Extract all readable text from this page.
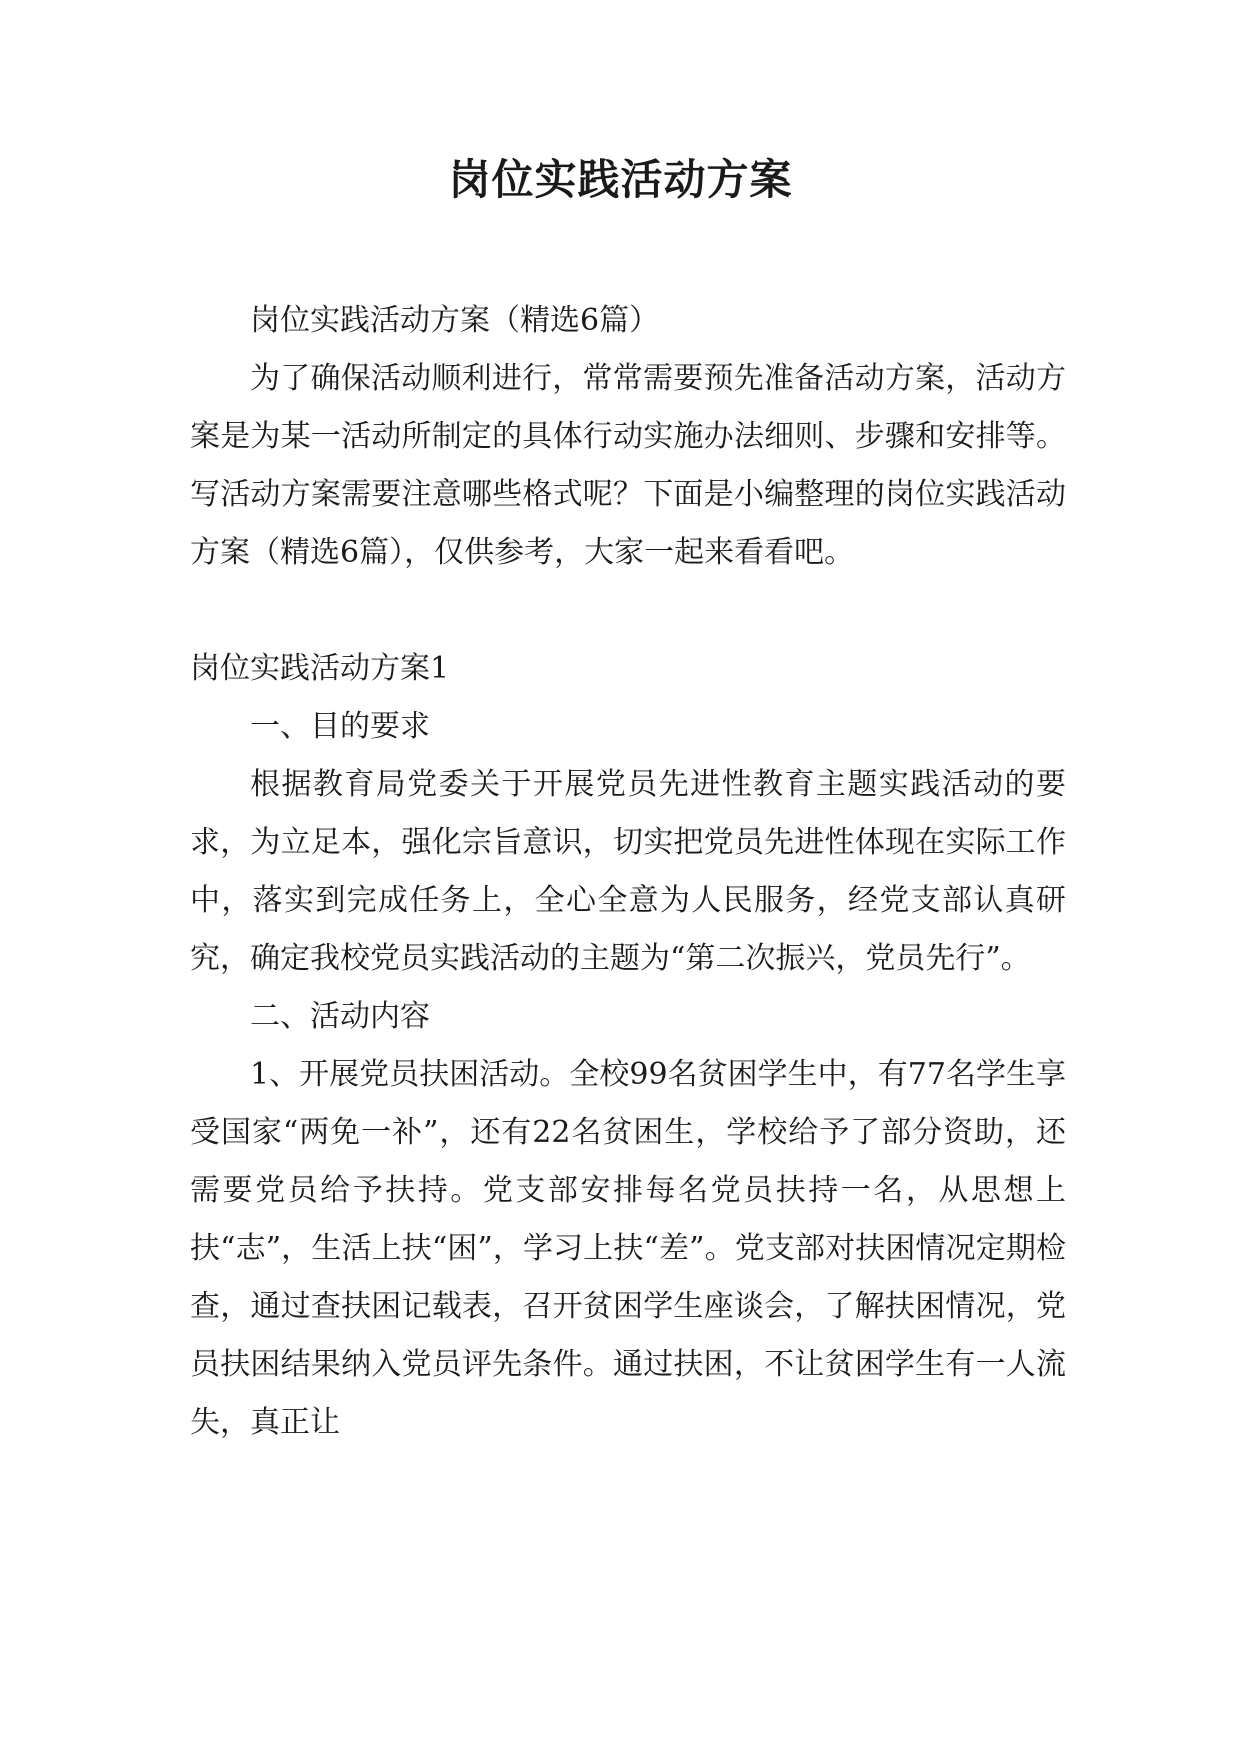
岗位实践活动方案

岗位实践活动方案（精选6篇）

为了确保活动顺利进行，常常需要预先准备活动方案，活动方案是为某一活动所制定的具体行动实施办法细则、步骤和安排等。写活动方案需要注意哪些格式呢？下面是小编整理的岗位实践活动方案（精选6篇），仅供参考，大家一起来看看吧。

岗位实践活动方案1

一、目的要求

根据教育局党委关于开展党员先进性教育主题实践活动的要求，为立足本，强化宗旨意识，切实把党员先进性体现在实际工作中，落实到完成任务上，全心全意为人民服务，经党支部认真研究，确定我校党员实践活动的主题为“第二次振兴，党员先行”。

二、活动内容

1、开展党员扶困活动。全校99名贫困学生中，有77名学生享受国家“两免一补”，还有22名贫困生，学校给予了部分资助，还需要党员给予扶持。党支部安排每名党员扶持一名，从思想上扶“志”，生活上扶“困”，学习上扶“差”。党支部对扶困情况定期检查，通过查扶困记载表，召开贫困学生座谈会，了解扶困情况，党员扶困结果纳入党员评先条件。通过扶困，不让贫困学生有一人流失，真正让
